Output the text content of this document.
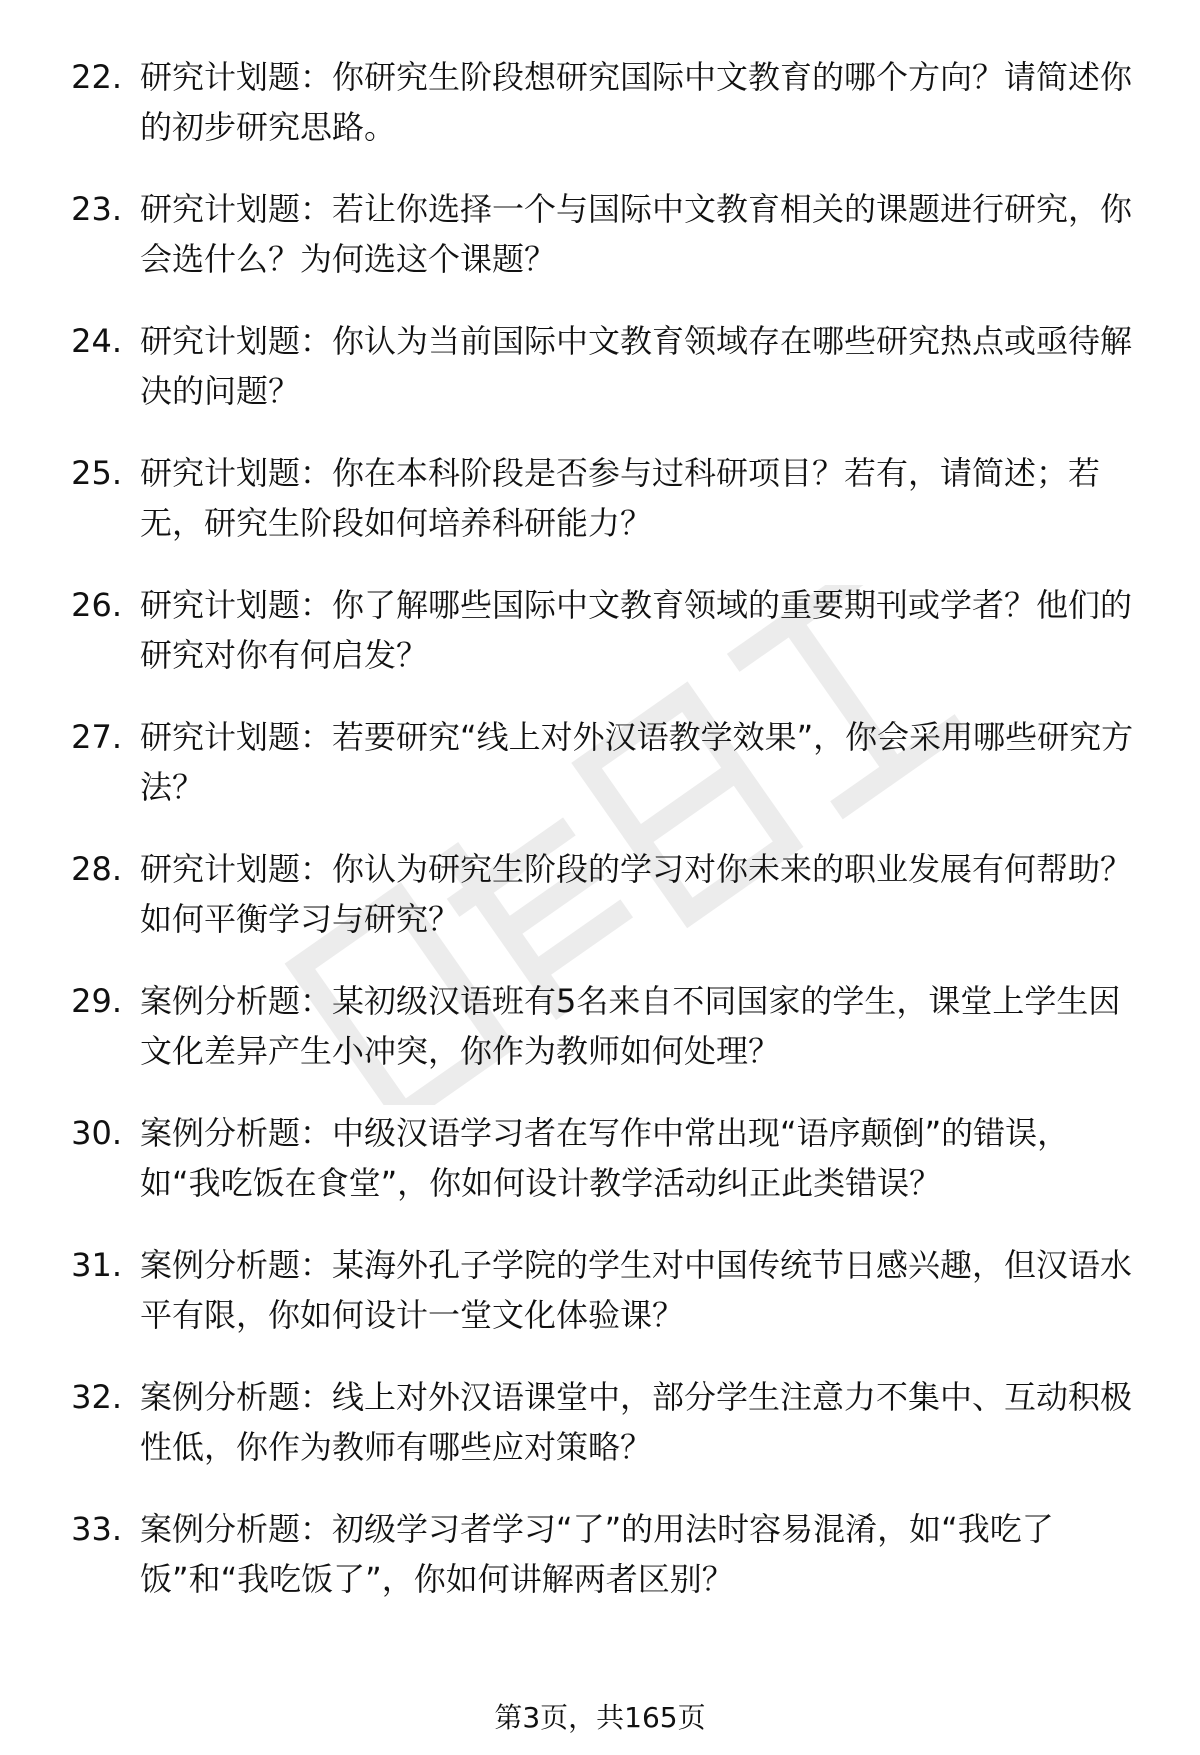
22. 研究计划题：你研究生阶段想研究国际中文教育的哪个方向？请简述你的初步研究思路。
23. 研究计划题：若让你选择一个与国际中文教育相关的课题进行研究，你会选什么？为何选这个课题？
24. 研究计划题：你认为当前国际中文教育领域存在哪些研究热点或亟待解决的问题？
25. 研究计划题：你在本科阶段是否参与过科研项目？若有，请简述；若无，研究生阶段如何培养科研能力？
26. 研究计划题：你了解哪些国际中文教育领域的重要期刊或学者？他们的研究对你有何启发？
27. 研究计划题：若要研究“线上对外汉语教学效果”，你会采用哪些研究方法？
28. 研究计划题：你认为研究生阶段的学习对你未来的职业发展有何帮助？如何平衡学习与研究？
29. 案例分析题：某初级汉语班有5名来自不同国家的学生，课堂上学生因文化差异产生小冲突，你作为教师如何处理？
30. 案例分析题：中级汉语学习者在写作中常出现“语序颠倒”的错误，如“我吃饭在食堂”，你如何设计教学活动纠正此类错误？
31. 案例分析题：某海外孔子学院的学生对中国传统节日感兴趣，但汉语水平有限，你如何设计一堂文化体验课？
32. 案例分析题：线上对外汉语课堂中，部分学生注意力不集中、互动积极性低，你作为教师有哪些应对策略？
33. 案例分析题：初级学习者学习“了”的用法时容易混淆，如“我吃了饭”和“我吃饭了”，你如何讲解两者区别？
第3页，共165页
